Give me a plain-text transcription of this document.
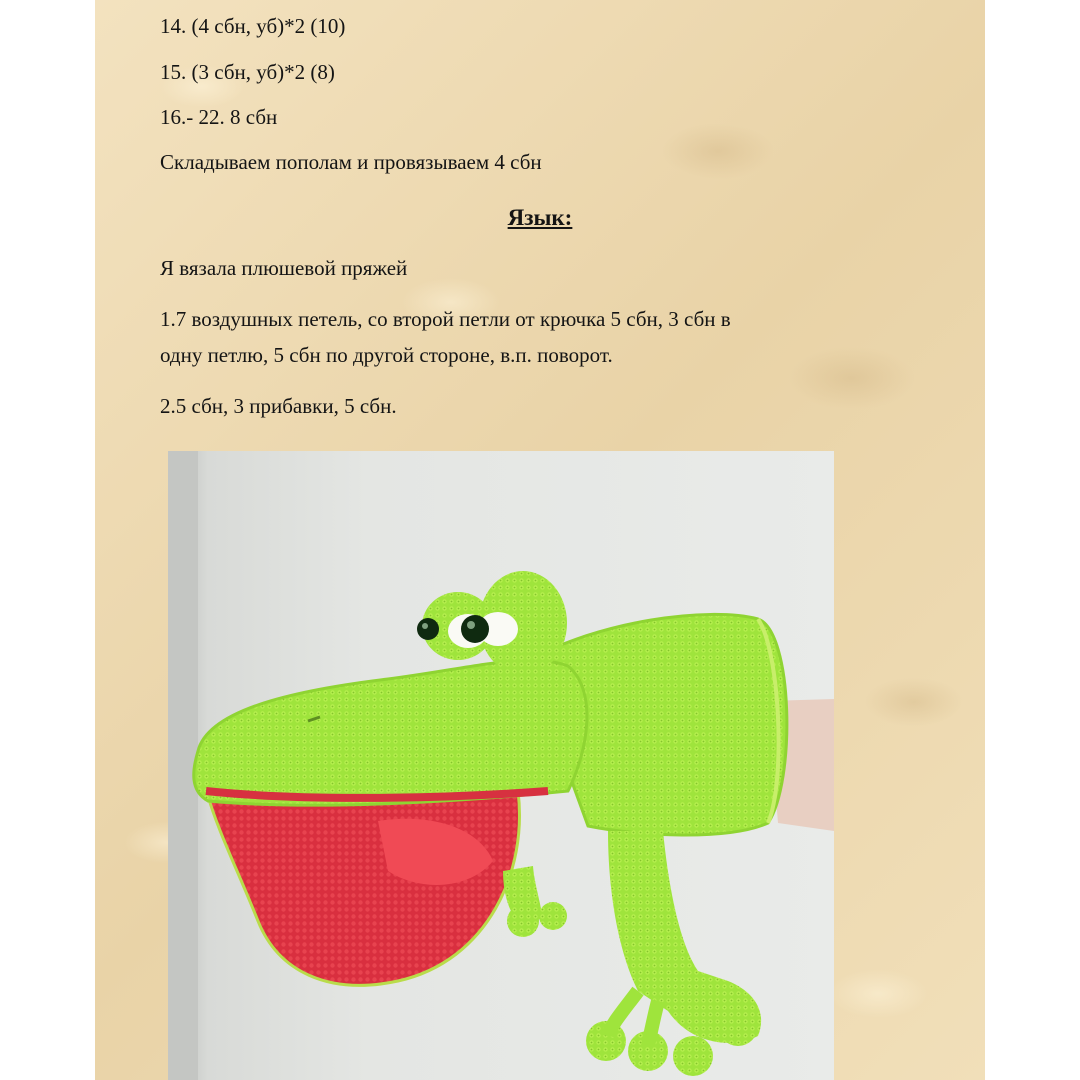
14. (4 сбн, уб)*2 (10)

15. (3 сбн, уб)*2 (8)

16.- 22. 8 сбн

Складываем пополам и провязываем 4 сбн

Язык:

Я вязала плюшевой пряжей

1.7 воздушных петель, со второй петли от крючка 5 сбн, 3 сбн в

одну петлю, 5 сбн по другой стороне, в.п. поворот.

2.5 сбн, 3 прибавки, 5 сбн.
